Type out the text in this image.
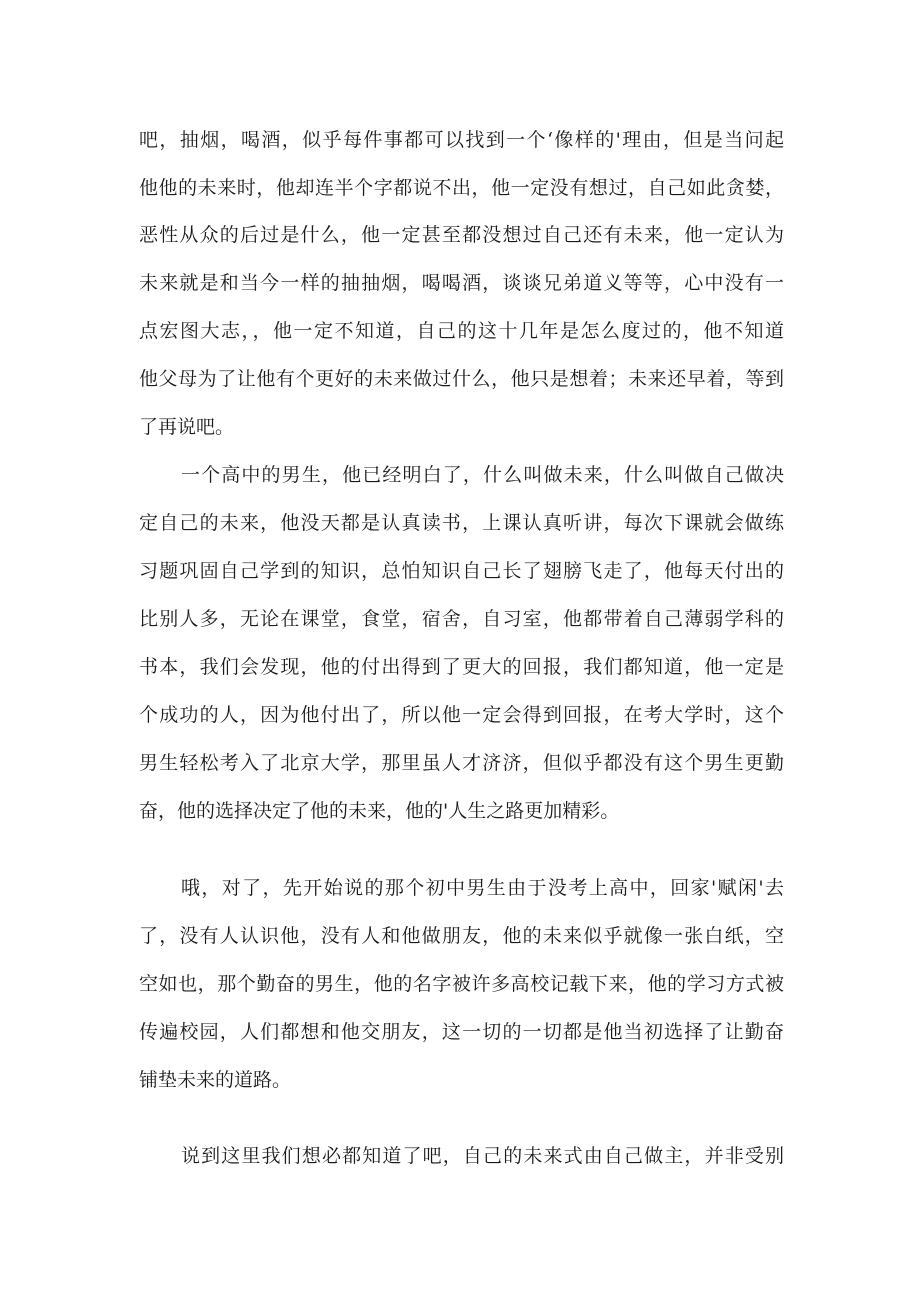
吧，抽烟，喝酒，似乎每件事都可以找到一个‘像样的'理由，但是当问起
他他的未来时，他却连半个字都说不出，他一定没有想过，自己如此贪婪，
恶性从众的后过是什么，他一定甚至都没想过自己还有未来，他一定认为
未来就是和当今一样的抽抽烟，喝喝酒，谈谈兄弟道义等等，心中没有一
点宏图大志，，他一定不知道，自己的这十几年是怎么度过的，他不知道
他父母为了让他有个更好的未来做过什么，他只是想着；未来还早着，等到
了再说吧。
一个高中的男生，他已经明白了，什么叫做未来，什么叫做自己做决
定自己的未来，他没天都是认真读书，上课认真听讲，每次下课就会做练
习题巩固自己学到的知识，总怕知识自己长了翅膀飞走了，他每天付出的
比别人多，无论在课堂，食堂，宿舍，自习室，他都带着自己薄弱学科的
书本，我们会发现，他的付出得到了更大的回报，我们都知道，他一定是
个成功的人，因为他付出了，所以他一定会得到回报，在考大学时，这个
男生轻松考入了北京大学，那里虽人才济济，但似乎都没有这个男生更勤
奋，他的选择决定了他的未来，他的'人生之路更加精彩。
哦，对了，先开始说的那个初中男生由于没考上高中，回家'赋闲'去
了，没有人认识他，没有人和他做朋友，他的未来似乎就像一张白纸，空
空如也，那个勤奋的男生，他的名字被许多高校记载下来，他的学习方式被
传遍校园，人们都想和他交朋友，这一切的一切都是他当初选择了让勤奋
铺垫未来的道路。
说到这里我们想必都知道了吧，自己的未来式由自己做主，并非受别
